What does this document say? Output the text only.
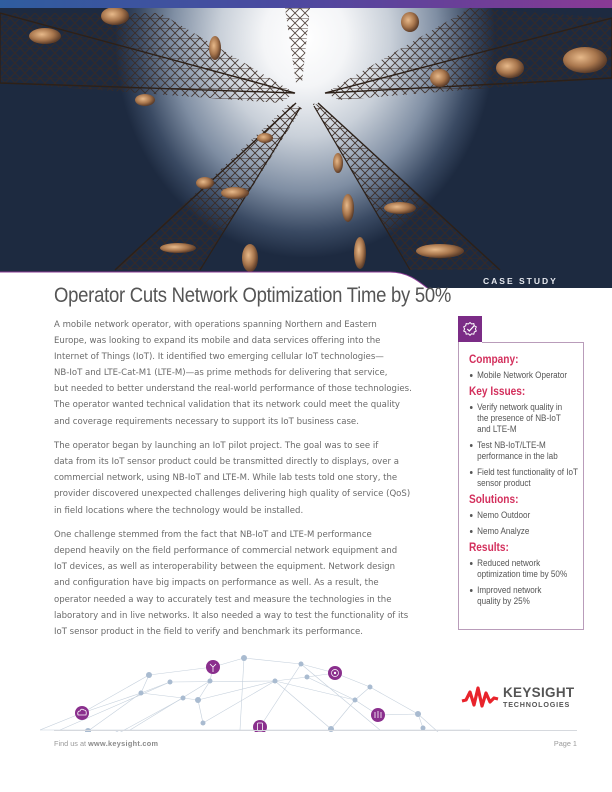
CASE STUDY
Operator Cuts Network Optimization Time by 50%

A mobile network operator, with operations spanning Northern and Eastern
Europe, was looking to expand its mobile and data services offering into the
Internet of Things (IoT). It identified two emerging cellular IoT technologies—
NB-IoT and LTE-Cat-M1 (LTE-M)—as prime methods for delivering that service,
but needed to better understand the real-world performance of those technologies.
The operator wanted technical validation that its network could meet the quality
and coverage requirements necessary to support its IoT business case.

The operator began by launching an IoT pilot project. The goal was to see if
data from its IoT sensor product could be transmitted directly to displays, over a
commercial network, using NB-IoT and LTE-M. While lab tests told one story, the
provider discovered unexpected challenges delivering high quality of service (QoS)
in field locations where the technology would be installed.

One challenge stemmed from the fact that NB-IoT and LTE-M performance
depend heavily on the field performance of commercial network equipment and
IoT devices, as well as interoperability between the equipment. Network design
and configuration have big impacts on performance as well. As a result, the
operator needed a way to accurately test and measure the technologies in the
laboratory and in live networks. It also needed a way to test the functionality of its
IoT sensor product in the field to verify and benchmark its performance.

Company:
Mobile Network Operator
Key Issues:
Verify network quality in the presence of NB-IoT and LTE-M
Test NB-IoT/LTE-M performance in the lab
Field test functionality of IoT sensor product
Solutions:
Nemo Outdoor
Nemo Analyze
Results:
Reduced network optimization time by 50%
Improved network quality by 25%
KEYSIGHT
TECHNOLOGIES
Find us at www.keysight.com	Page 1
